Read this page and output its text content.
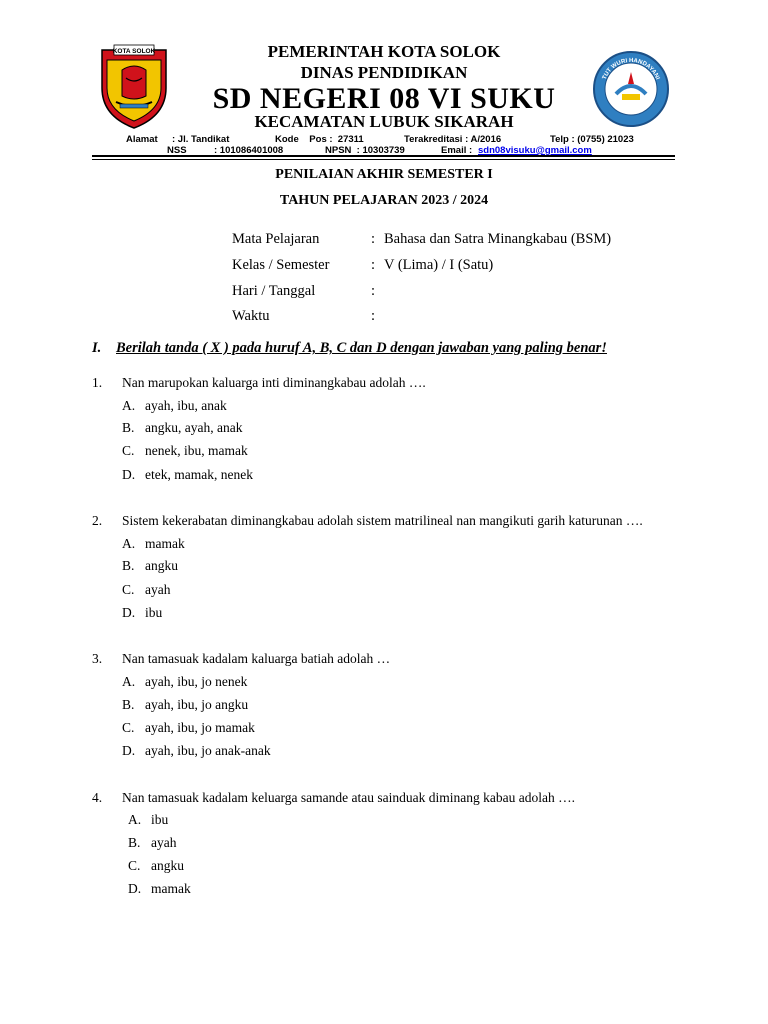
KOTA SOLOK
TUT WURI HANDAYANI
PEMERINTAH KOTA SOLOK
DINAS PENDIDIKAN
SD NEGERI 08 VI SUKU
KECAMATAN LUBUK SIKARAH
Alamat : Jl. Tandikat	Kode    Pos :  27311	Terakreditasi : A/2016	Telp : (0755) 21023
NSS	: 101086401008	NPSN  : 10303739	Email : sdn08visuku@gmail.com
PENILAIAN AKHIR SEMESTER I
TAHUN PELAJARAN 2023 / 2024
Mata Pelajaran	: Bahasa dan Satra Minangkabau (BSM)
Kelas / Semester	: V (Lima) / I (Satu)
Hari / Tanggal	:
Waktu	:
I. Berilah tanda ( X ) pada huruf A, B, C dan D dengan jawaban yang paling benar!
1. Nan marupokan kaluarga inti diminangkabau adolah ….
A. ayah, ibu, anak
B. angku, ayah, anak
C. nenek, ibu, mamak
D. etek, mamak, nenek
2. Sistem kekerabatan diminangkabau adolah sistem matrilineal nan mangikuti garih katurunan ….
A. mamak
B. angku
C. ayah
D. ibu
3. Nan tamasuak kadalam kaluarga batiah adolah …
A. ayah, ibu, jo nenek
B. ayah, ibu, jo angku
C. ayah, ibu, jo mamak
D. ayah, ibu, jo anak-anak
4. Nan tamasuak kadalam keluarga samande atau sainduak diminang kabau adolah ….
A. ibu
B. ayah
C. angku
D. mamak
